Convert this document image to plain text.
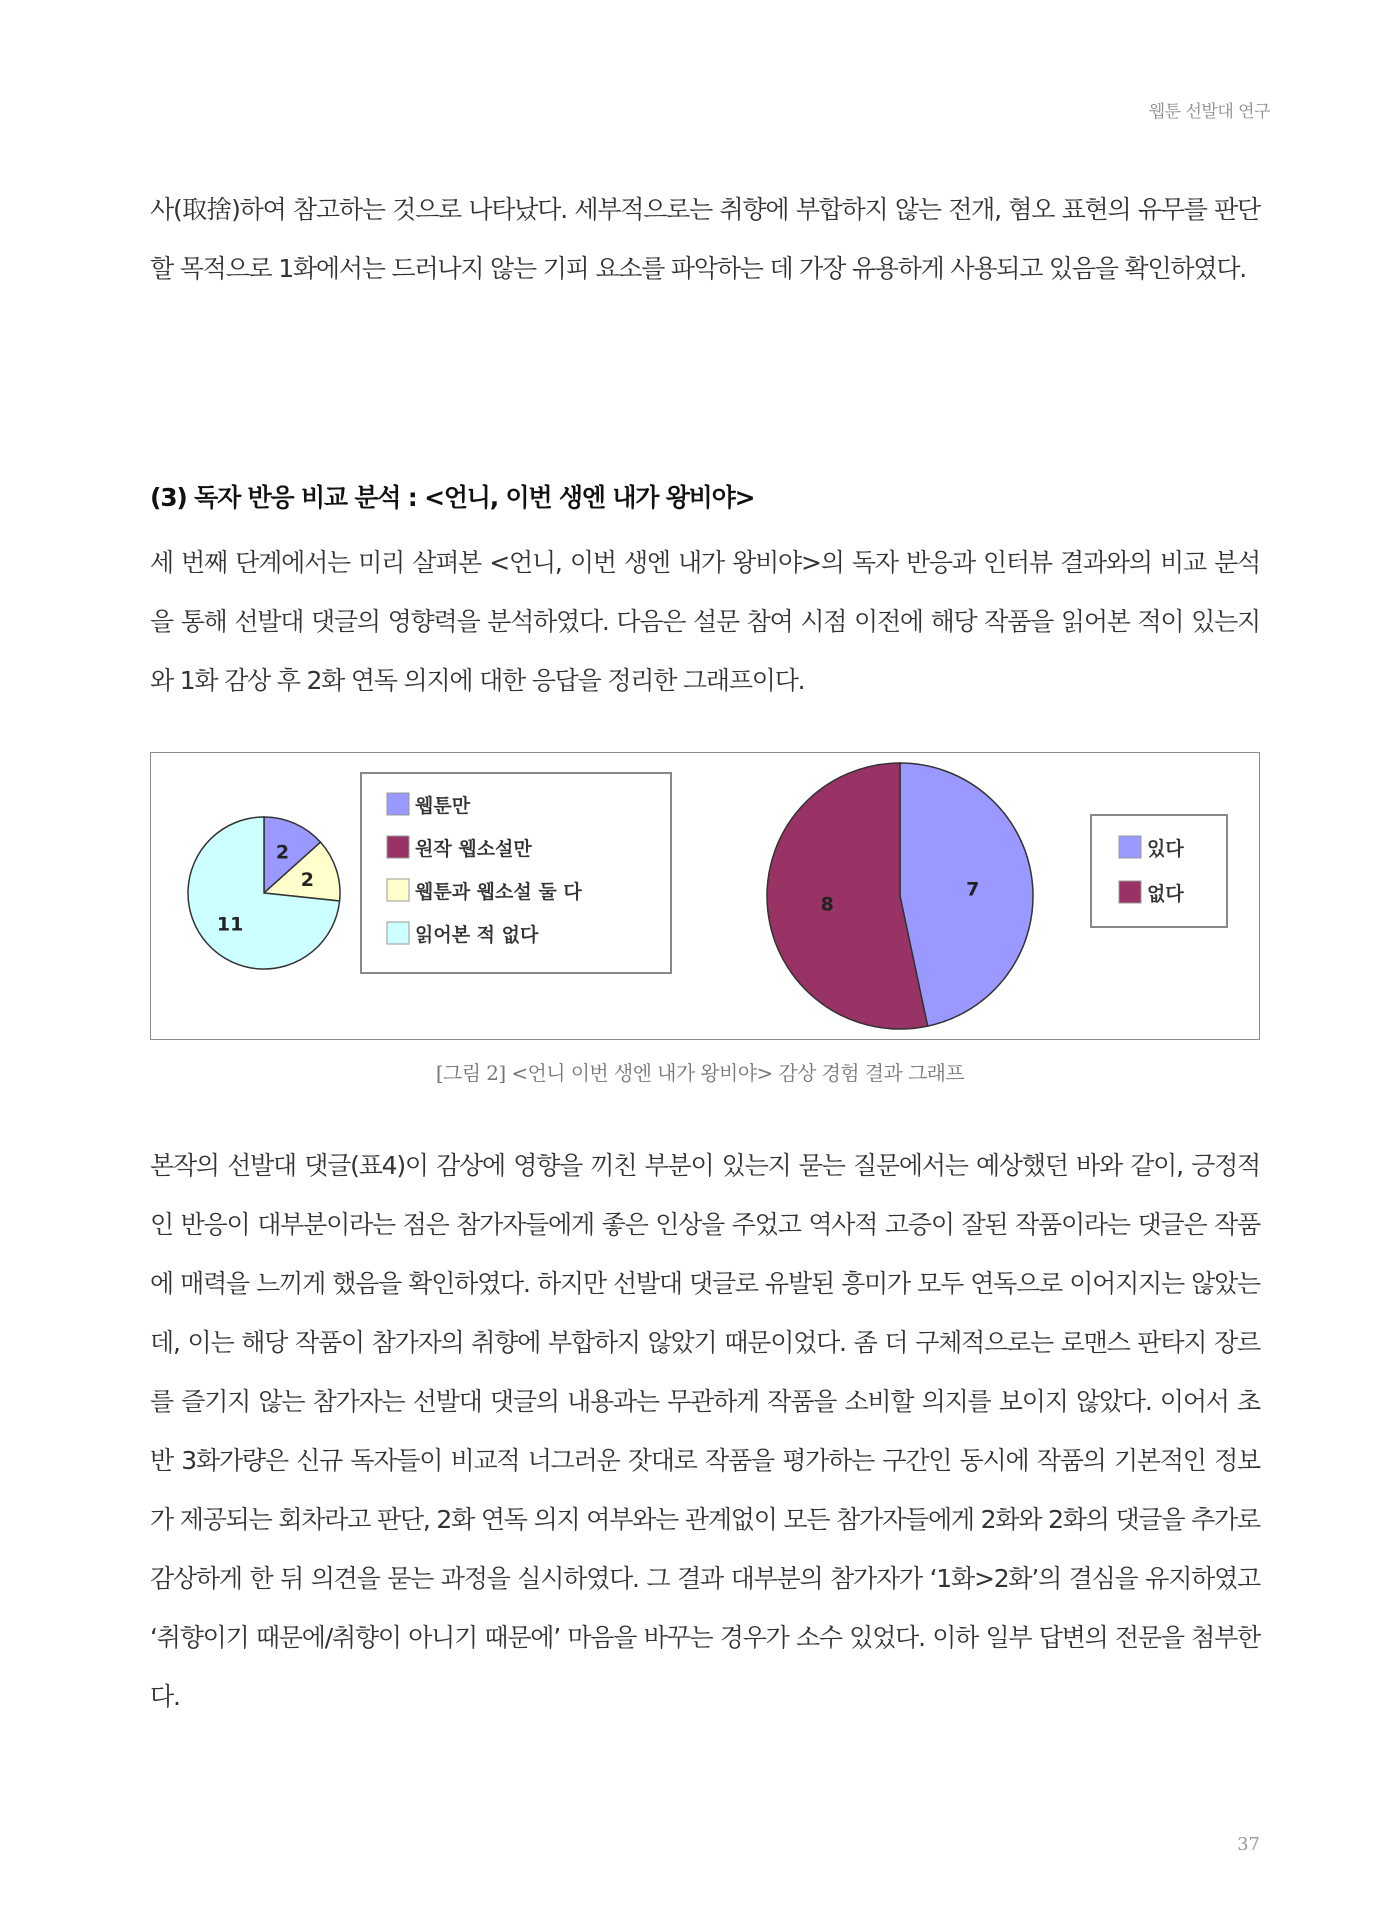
웹툰 선발대 연구

사(取捨)하여 참고하는 것으로 나타났다. 세부적으로는 취향에 부합하지 않는 전개, 혐오 표현의 유무를 판단할 목적으로 1화에서는 드러나지 않는 기피 요소를 파악하는 데 가장 유용하게 사용되고 있음을 확인하였다.

(3) 독자 반응 비교 분석 : <언니, 이번 생엔 내가 왕비야>

세 번째 단계에서는 미리 살펴본 <언니, 이번 생엔 내가 왕비야>의 독자 반응과 인터뷰 결과와의 비교 분석을 통해 선발대 댓글의 영향력을 분석하였다. 다음은 설문 참여 시점 이전에 해당 작품을 읽어본 적이 있는지와 1화 감상 후 2화 연독 의지에 대한 응답을 정리한 그래프이다.

2
2
11
웹툰만
원작 웹소설만
웹툰과 웹소설 둘 다
읽어본 적 없다
7
8
있다
없다
[그림 2] <언니 이번 생엔 내가 왕비야> 감상 경험 결과 그래프

본작의 선발대 댓글(표4)이 감상에 영향을 끼친 부분이 있는지 묻는 질문에서는 예상했던 바와 같이, 긍정적인 반응이 대부분이라는 점은 참가자들에게 좋은 인상을 주었고 역사적 고증이 잘된 작품이라는 댓글은 작품에 매력을 느끼게 했음을 확인하였다. 하지만 선발대 댓글로 유발된 흥미가 모두 연독으로 이어지지는 않았는데, 이는 해당 작품이 참가자의 취향에 부합하지 않았기 때문이었다. 좀 더 구체적으로는 로맨스 판타지 장르를 즐기지 않는 참가자는 선발대 댓글의 내용과는 무관하게 작품을 소비할 의지를 보이지 않았다. 이어서 초반 3화가량은 신규 독자들이 비교적 너그러운 잣대로 작품을 평가하는 구간인 동시에 작품의 기본적인 정보가 제공되는 회차라고 판단, 2화 연독 의지 여부와는 관계없이 모든 참가자들에게 2화와 2화의 댓글을 추가로 감상하게 한 뒤 의견을 묻는 과정을 실시하였다. 그 결과 대부분의 참가자가 ‘1화>2화’의 결심을 유지하였고 ‘취향이기 때문에/취향이 아니기 때문에’ 마음을 바꾸는 경우가 소수 있었다. 이하 일부 답변의 전문을 첨부한다.

37
